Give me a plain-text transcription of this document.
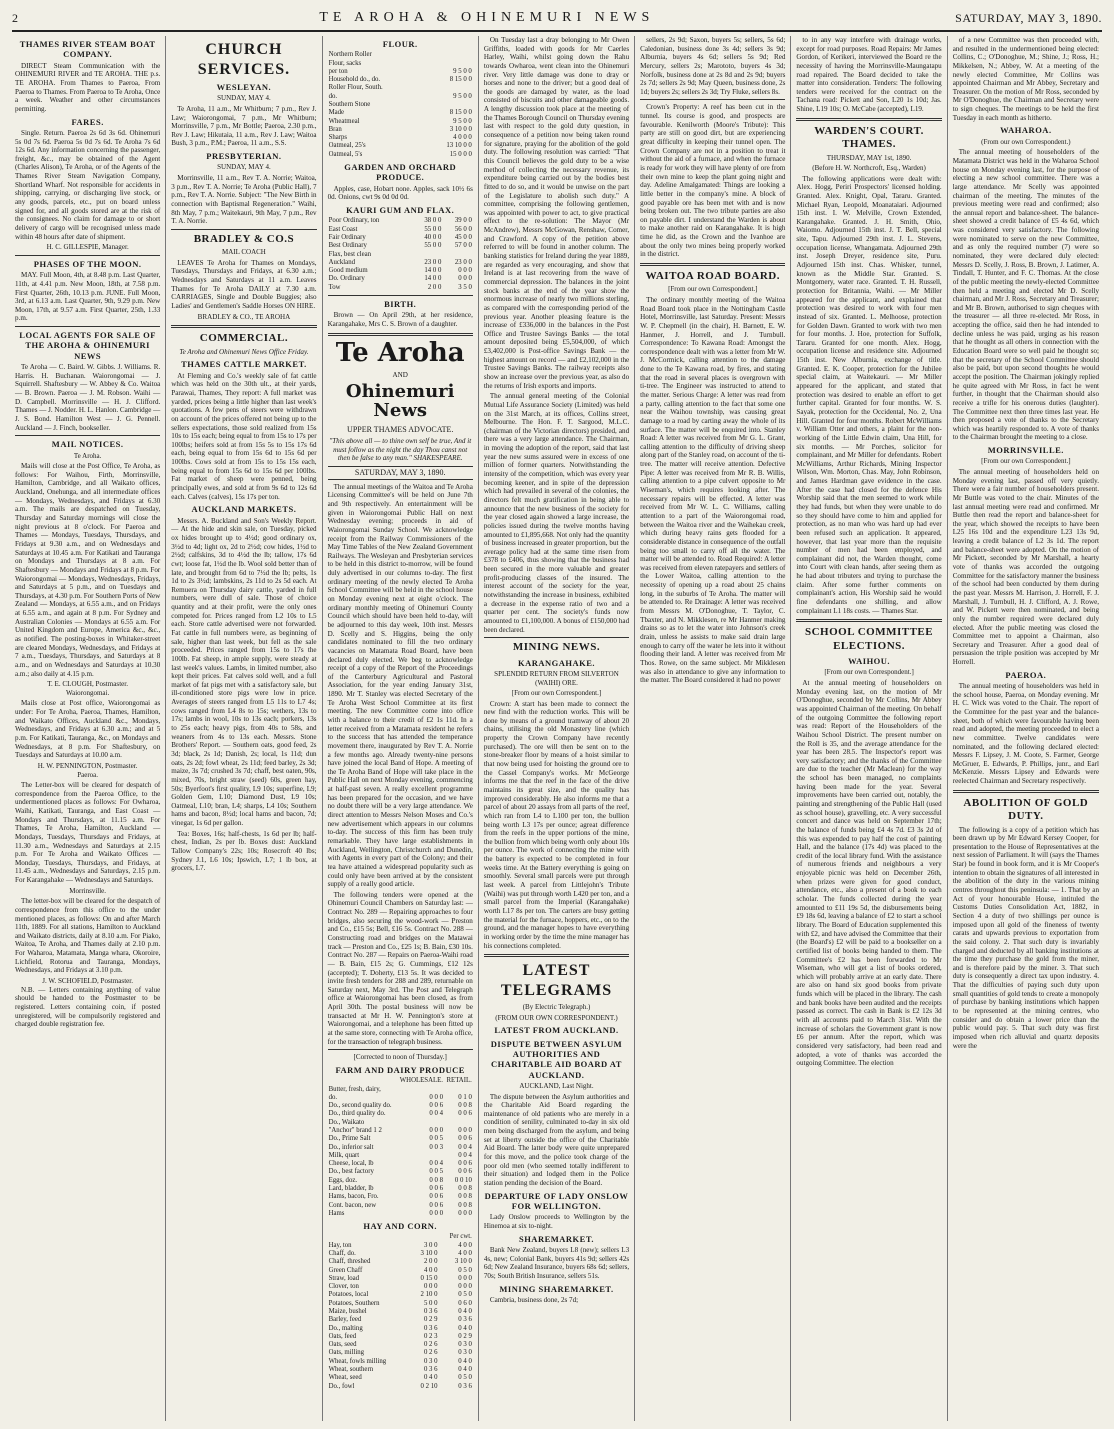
2	TE AROHA & OHINEMURI NEWS	SATURDAY, MAY 3, 1890.
THAMES RIVER STEAM BOAT COMPANY.

DIRECT Steam Communication with the OHINEMURI RIVER and TE AROHA. THE p.s. TE AROHA. From Thames to Paeroa, From Paeroa to Thames. From Paeroa to Te Aroha, Once a week. Weather and other circumstances permitting.

FARES.

Single. Return. Paeroa 2s 6d 3s 6d. Ohinemuri 5s 0d 7s 6d. Paeroa 5s 0d 7s 6d. Te Aroha 7s 6d 12s 6d. Any information concerning the passenger, freight, &c., may be obtained of the Agent (Charles Alison), Te Aroha, or of the Agents of the Thames River Steam Navigation Company, Shortland Wharf. Not responsible for accidents in shipping, carrying, or discharging live stock, or any goods, parcels, etc., put on board unless signed for, and all goods stored are at the risk of the consignees. No claim for damage to or short delivery of cargo will be recognised unless made within 48 hours after date of shipment.

H. C. GILLESPIE, Manager.
PHASES OF THE MOON.

MAY. Full Moon, 4th, at 8.48 p.m. Last Quarter, 11th, at 4.41 p.m. New Moon, 18th, at 7.58 p.m. First Quarter, 26th, 10.13 p.m. JUNE. Full Moon, 3rd, at 6.13 a.m. Last Quarter, 9th, 9.29 p.m. New Moon, 17th, at 9.57 a.m. First Quarter, 25th, 1.33 p.m.

LOCAL AGENTS FOR SALE OF THE AROHA & OHINEMURI NEWS

Te Aroha — C. Baird. W. Gibbs. J. Williams. R. Harris. H. Buchanan. Waiorongomai — J. Squirrell. Shaftesbury — W. Abbey & Co. Waitoa — B. Brown. Paeroa — J. M. Robson. Waihi — D. Campbell. Morrinsville — H. J. Clifford. Thames — J. Nodder. H. L. Hanlon. Cambridge — J. S. Bond. Hamilton West — J. G. Pennell. Auckland — J. Finch, bookseller.

MAIL NOTICES.
Te Aroha.

Mails will close at the Post Office, Te Aroha, as follows: For Waihou, Firth, Morrinsville, Hamilton, Cambridge, and all Waikato offices, Auckland, Onehunga, and all intermediate offices — Mondays, Wednesdays, and Fridays at 6.30 a.m. The mails are despatched on Tuesday, Thursday and Saturday mornings will close the night previous at 8 o'clock. For Paeroa and Thames — Mondays, Tuesdays, Thursdays, and Fridays at 9.30 a.m., and on Wednesdays and Saturdays at 10.45 a.m. For Katikati and Tauranga on Mondays and Thursdays at 8 a.m. For Shaftesbury — Mondays and Fridays at 8 p.m. For Waiorongomai — Mondays, Wednesdays, Fridays, and Saturdays at 5 p.m., and on Tuesdays and Thursdays, at 4.30 p.m. For Southern Ports of New Zealand — Mondays, at 6.55 a.m., and on Fridays at 6.55 a.m., and again at 8 p.m. For Sydney and Australian Colonies — Mondays at 6.55 a.m. For United Kingdom and Europe, America &c., &c., as notified. The posting-boxes in Whitaker-street are cleared Mondays, Wednesdays, and Fridays at 7 a.m., Tuesdays, Thursdays, and Saturdays at 8 a.m., and on Wednesdays and Saturdays at 10.30 a.m.; also daily at 4.15 p.m.

T. E. CLOUGH, Postmaster.
Waiorongomai.

Mails close at Post office, Waiorongomai as under: For Te Aroha, Paeroa, Thames, Hamilton, and Waikato Offices, Auckland &c., Mondays, Wednesdays, and Fridays at 6.30 a.m.; and at 5 p.m. For Katikati, Tauranga, &c., on Mondays and Wednesdays, at 8 p.m. For Shaftesbury, on Tuesdays and Saturdays at 10.00 a.m.

H. W. PENNINGTON, Postmaster.
Paeroa.

The Letter-box will be cleared for despatch of correspondence from the Paeroa Office, to the undermentioned places as follows: For Owharoa, Waihi, Katikati, Tauranga, and East Coast — Mondays and Thursdays, at 11.15 a.m. For Thames, Te Aroha, Hamilton, Auckland — Mondays, Tuesdays, Thursdays and Fridays, at 11.30 a.m., Wednesdays and Saturdays at 2.15 p.m. For Te Aroha and Waikato Offices — Monday, Tuesdays, Thursdays, and Fridays, at 11.45 a.m., Wednesdays and Saturdays, 2.15 p.m. For Karangahake — Wednesdays and Saturdays.

Morrinsville.

The letter-box will be cleared for the despatch of correspondence from this office to the under mentioned places, as follows: On and after March 11th, 1889. For all stations, Hamilton to Auckland and Waikato districts, daily at 8.10 a.m. For Piako, Waitoa, Te Aroha, and Thames daily at 2.10 p.m. For Waharoa, Matamata, Manga whara, Okoroire, Lichfield, Rotorua and Tauranga, Mondays, Wednesdays, and Fridays at 3.10 p.m.

J. W. SCHOFIELD, Postmaster.

N.B. — Letters containing anything of value should be handed to the Postmaster to be registered. Letters containing coin, if posted unregistered, will be compulsorily registered and charged double registration fee.

CHURCH SERVICES.
WESLEYAN.
SUNDAY, MAY 4.

Te Aroha, 11 a.m., Mr Whitburn; 7 p.m., Rev J. Law; Waiorongomai, 7 p.m., Mr Whitburn; Morrinsville, 7 p.m., Mr Bottle; Paeroa, 2.30 p.m., Rev J. Law; Hikutaia, 11 a.m., Rev J. Law; Waitoa Bush, 3 p.m., P.M.; Paeroa, 11 a.m., S.S.

PRESBYTERIAN.
SUNDAY, MAY 4.

Morrinsville, 11 a.m., Rev T. A. Norrie; Waitoa, 3 p.m., Rev T. A. Norrie; Te Aroha (Public Hall), 7 p.m., Rev T. A. Norrie. Subject: "The New Birth in connection with Baptismal Regeneration." Waihi, 8th May, 7 p.m.; Waitekauri, 9th May, 7 p.m., Rev T. A. Norrie.

BRADLEY & CO.S
MAIL COACH

LEAVES Te Aroha for Thames on Mondays, Tuesdays, Thursdays and Fridays, at 6.30 a.m.; Wednesdays and Saturdays at 11 a.m. Leaves Thames for Te Aroha DAILY at 7.30 a.m. CARRIAGES, Single and Double Buggies; also Ladies' and Gentlemen's Saddle Horses ON HIRE.

BRADLEY & CO., TE AROHA
COMMERCIAL.
Te Aroha and Ohinemuri News Office Friday.
THAMES CATTLE MARKET.

At Fleming and Co.'s weekly sale of fat cattle which was held on the 30th ult., at their yards, Parawai, Thames, They report: A full market was yarded, prices being a little higher than last week's quotations. A few pens of steers were withdrawn on account of the prices offered not being up to the sellers expectations, those sold realized from 15s 10s to 15s each; being equal to from 15s to 17s per 100lbs; heifers sold at from 15s 5s to 15s 17s 6d each, being equal to from 15s 6d to 15s 6d per 100lbs. Cows sold at from 15s to 15s 15s each, being equal to from 15s 6d to 15s 6d per 100lbs. Fat market of sheep were penned, being principally ewes, and sold at from 9s 6d to 12s 6d each. Calves (calves), 15s 17s per ton.

AUCKLAND MARKETS.

Messrs. A. Buckland and Son's Weekly Report. — At the hide and skin sale, on Tuesday, picked ox hides brought up to 4½d; good ordinary ox, 3½d to 4d; light ox, 2d to 2½d; cow hides, 1½d to 2½d; calfskins, 3d to 4½d the lb; tallow, 17s 6d cwt; loose fat, 1½d the lb. Wool sold better than of late, and brought from 6d to 7½d the lb; pelts, 1s 1d to 2s 3½d; lambskins, 2s 11d to 2s 5d each. At Remuera on Thursday dairy cattle, yarded in full numbers, were dull of sale. Those of choice quantity and at their profit, were the only ones competed for. Prices ranged from L2 10s to L5 each. Store cattle advertised were not forwarded. Fat cattle in full numbers were, as beginning of sale, higher than last week, but fell as the sale proceeded. Prices ranged from 15s to 17s the 100lb. Fat sheep, in ample supply, were steady at last week's values. Lambs, in limited number, also kept their prices. Fat calves sold well, and a full market of fat pigs met with a satisfactory sale, but ill-conditioned store pigs were low in price. Averages of steers ranged from L5 11s to L7 4s; cows ranged from L4 8s to 15s; wethers, 13s to 17s; lambs in wool, 10s to 13s each; porkers, 13s to 25s each; heavy pigs, from 40s to 58s, and weaners from 4s to 13s each. Messrs. Stone Brothers' Report. — Southern oats, good feed, 2s 3d; black, 2s 1d; Danish, 2s; local, 1s 11d; dun oats, 2s 2d; fowl wheat, 2s 11d; feed barley, 2s 3d; maize, 3s 7d; crushed 3s 7d; chaff, best oaten, 90s, mixed, 70s, bright straw (seed) 60s, green hay, 50s; Byerfoot's first quality, L9 10s; superfine, L9; Golden Gem, L10; Diamond Dust, L9 10s; Oatmeal, L10; bran, L4; sharps, L4 10s; Southern hams and bacon, 8½d; local hams and bacon, 7d; vinegar, 1s 6d per gallon.

Tea: Boxes, 16s; half-chests, 1s 6d per lb; half-chest, Indian, 2s per lb. Boxes dust: Auckland Tallow Company's 22s; 10s; Rosecroft 40 lbs; Sydney J.1, L6 10s; Ipswich, L7; 1 lb box, at grocers, L7.

FLOUR.
Northern Roller	
Flour, sacks	
per ton	9 5 0 0
Household do., do.	8 15 0 0
Roller Flour, South.	
do.	9 5 0 0
Southern Stone	
Made	8 15 0 0
Wheatmeal	9 5 0 0
Bran	3 10 0 0
Sharps	4 0 0 0
Oatmeal, 25's	13 10 0 0
Oatmeal, 5's	15 0 0 0
GARDEN AND ORCHARD PRODUCE.

Apples, case, Hobart none. Apples, sack 10½ 6s 0d. Onions, cwt 9s 0d 0d 0d.

KAURI GUM AND FLAX.
Poor Ordinary, ton	38 0 0	39 0 0
East Coast	55 0 0	56 0 0
Fair Ordinary	40 0 0	45 0 0
Best Ordinary	55 0 0	57 0 0
Flax, best clean		
Auckland	23 0 0	23 0 0
Good medium	14 0 0	0 0 0
Do. Ordinary	14 0 0	0 0 0
Tow	2 0 0	3 5 0
BIRTH.

Brown — On April 29th, at her residence, Karangahake, Mrs C. S. Brown of a daughter.

Te Aroha
AND
Ohinemuri News
UPPER THAMES ADVOCATE.
"This above all — to thine own self be true, And it must follow as the night the day Thou canst not then be false to any man." SHAKESPEARE.
SATURDAY, MAY 3, 1890.

The annual meetings of the Waitoa and Te Aroha Licensing Committee's will be held on June 7th and 9th respectively. An entertainment will be given in Waiorongomai Public Hall on next Wednesday evening; proceeds in aid of Waiorongomai Sunday School. We acknowledge receipt from the Railway Commissioners of the May Time Tables of the New Zealand Government Railways. The Wesleyan and Presbyterian services to be held in this district to-morrow, will be found duly advertised in our columns to-day. The first ordinary meeting of the newly elected Te Aroha School Committee will be held in the school house on Monday evening next at eight o'clock. The ordinary monthly meeting of Ohinemuri County Council which should have been held to-day, will be adjourned to this day week, 10th inst. Messrs D. Scelly and S. Higgins, being the only candidates nominated to fill the two ordinary vacancies on Matamata Road Board, have been declared duly elected. We beg to acknowledge receipt of a copy of the Report of the Proceedings of the Canterbury Agricultural and Pastoral Association, for the year ending January 31st, 1890. Mr T. Stanley was elected Secretary of the Te Aroha West School Committee at its first meeting. The new Committee come into office with a balance to their credit of £2 1s 11d. In a letter received from a Matamata resident he refers to the success that has attended the temperance movement there, inaugurated by Rev T. A. Norrie a few months ago. Already twenty-nine persons have joined the local Band of Hope. A meeting of the Te Aroha Band of Hope will take place in the Public Hall on next Monday evening, commencing at half-past seven. A really excellent programme has been prepared for the occasion, and we have no doubt there will be a very large attendance. We direct attention to Messrs Nelson Moses and Co.'s new advertisement which appears in our columns to-day. The success of this firm has been truly remarkable. They have large establishments in Auckland, Wellington, Christchurch and Dunedin, with Agents in every part of the Colony; and their tea have attained a widespread popularity such as could only have been arrived at by the consistent supply of a really good article.

The following tenders were opened at the Ohinemuri Council Chambers on Saturday last: — Contract No. 289 — Repairing approaches to four bridges, also securing the wood-work — Preston and Co., £15 5s; Bell, £16 5s. Contract No. 288 — Constructing road and bridges on the Matawai track — Preston and Co., £25 1s; B. Bain, £30 10s. Contract No. 287 — Repairs on Paeroa-Waihi road — B. Bain, £15 2s; G. Cummings, £12 12s (accepted); T. Doherty, £13 5s. It was decided to invite fresh tenders for 288 and 289, returnable on Saturday next, May 3rd. The Post and Telegraph office at Waiorongomai has been closed, as from April 30th. The postal business will now be transacted at Mr H. W. Pennington's store at Waiorongomai, and a telephone has been fitted up at the same store, connecting with Te Aroha office, for the transaction of telegraph business.

[Corrected to noon of Thursday.]
FARM AND DAIRY PRODUCE
	WHOLESALE.	RETAIL.
Butter, fresh, dairy,		
do.	0 0 0	0 1 0
Do., second quality do.	0 0 6	0 0 8
Do., third quality do.	0 0 4	0 0 6
Do., Waikato		
"Anchor" brand 1 2	0 0 0	0 0 0
Do., Prime Salt	0 0 5	0 0 6
Do., inferior salt	0 0 3	0 0 4
Milk, quart		0 0 4
Cheese, local, lb	0 0 4	0 0 6
Do., best factory	0 0 5	0 0 6
Eggs, doz.	0 0 8	0 0 10
Lard, bladder, lb	0 0 6	0 0 8
Hams, bacon, Fro.	0 0 6	0 0 8
Cont. bacon, new	0 0 6	0 0 8
Hams	0 0 0	0 0 0
HAY AND CORN.
		Per cwt.
Hay, ton	3 0 0	4 0 0
Chaff, do.	3 10 0	4 0 0
Chaff, threshed	2 0 0	3 10 0
Green Chaff	4 0 0	0 5 0
Straw, load	0 15 0	0 0 0
Clover, ton	0 0 0	0 0 0
Potatoes, local	2 10 0	0 5 0
Potatoes, Southern	5 0 0	0 6 0
Maize, bushel	0 3 6	0 4 0
Barley, feed	0 2 9	0 3 6
Do., malting	0 3 6	0 4 0
Oats, feed	0 2 3	0 2 9
Oats, seed	0 2 6	0 3 0
Oats, milling	0 2 6	0 3 0
Wheat, fowls milling	0 3 0	0 4 0
Wheat, southern	0 3 6	0 4 0
Wheat, seed	0 4 0	0 5 0
Do., fowl	0 2 10	0 3 6

On Tuesday last a dray belonging to Mr Owen Griffiths, loaded with goods for Mr Caerles Harley, Waihi, whilst going down the Rahu towards Owharoa, went clean into the Ohinemuri river. Very little damage was done to dray or horses and none to the driver; but a good deal of the goods are damaged by water, as the load consisted of biscuits and other damageable goods. A lengthy discussion took place at the meeting of the Thames Borough Council on Thursday evening last with respect to the gold duty question, in consequence of a petition now being taken round for signature, praying for the abolition of the gold duty. The following resolution was carried: "That this Council believes the gold duty to be a wise method of collecting the necessary revenue, its expenditure being carried out by the bodies best fitted to do so, and it would be unwise on the part of the Legislature to abolish such duty." A committee, comprising the following gentlemen, was appointed with power to act, to give practical effect to the re-solution: The Mayor (Mr McAndrew), Messrs McGowan, Renshaw, Comer, and Crawford. A copy of the petition above referred to will be found in another column. The banking statistics for Ireland during the year 1889, are regarded as very encouraging, and show that Ireland is at last recovering from the wave of commercial depression. The balances in the joint stock banks at the end of the year show the enormous increase of nearly two millions sterling, as compared with the corresponding period of the previous year. Another pleasing feature is the increase of £336,000 in the balances in the Post Office and Trustee Savings Banks — the total amount deposited being £5,504,000, of which £3,402,000 is Post-office Savings Bank — the highest amount on record — and £2,102,000 in the Trustee Savings Banks. The railway receipts also show an increase over the previous year, as also do the returns of Irish exports and imports.

The annual general meeting of the Colonial Mutual Life Assurance Society (Limited) was held on the 31st March, at its offices, Collins street, Melbourne. The Hon. F. T. Sargood, M.L.C. (chairman of the Victorian directors) presided, and there was a very large attendance. The Chairman, in moving the adoption of the report, said that last year the new sums assured were in excess of one million of former quarters. Notwithstanding the intensity of the competition, which was every year becoming keener, and in spite of the depression which had prevailed in several of the colonies, the directors felt much gratification in being able to announce that the new business of the society for the year closed again showed a large increase, the policies issued during the twelve months having amounted to £1,895,668. Not only had the quantity of business increased in greater proportion, but the average policy had at the same time risen from £378 to £406, thus showing that the business had been secured in the more valuable and greater profit-producing classes of the insured. The interest account of the society for the year, notwithstanding the increase in business, exhibited a decrease in the expense ratio of two and a quarter per cent. The society's funds now amounted to £1,100,000. A bonus of £150,000 had been declared.

MINING NEWS.
KARANGAHAKE.
SPLENDID RETURN FROM SILVERTON (WAIHI) ORE.
[From our own Correspondent.]

Crown: A start has been made to connect the new find with the reduction works. This will be done by means of a ground tramway of about 20 chains, utilising the old Monastery line (which property the Crown Company have recently purchased). The ore will then be sent on to the stone-breaker floor by means of a hoist similar to that now being used for hoisting the ground ore to the Cassel Company's works. Mr McGeorge informs me that the reef in the face of the drive maintains its great size, and the quality has improved considerably. He also informs me that a parcel of about 20 assays from all parts of the reef, which ran from L4 to L100 per ton, the bullion being worth L3 17s per ounce; agreat difference from the reefs in the upper portions of the mine, the bullion from which being worth only about 10s per ounce. The work of connecting the mine with the battery is expected to be completed in four weeks time. At the Battery everything is going on smoothly. Several small parcels were put through last week. A parcel from Littlejohn's Tribute (Waihi) was put through worth L420 per ton, and a small parcel from the Imperial (Karangahake) worth L17 8s per ton. The carters are busy getting the material for the furnace, hoppers, etc., on to the ground, and the manager hopes to have everything in working order by the time the mine manager has his connections completed.

LATEST TELEGRAMS
(By Electric Telegraph.)
(FROM OUR OWN CORRESPONDENT.)
LATEST FROM AUCKLAND.
DISPUTE BETWEEN ASYLUM AUTHORITIES AND CHARITABLE AID BOARD AT AUCKLAND.
AUCKLAND, Last Night.

The dispute between the Asylum authorities and the Charitable Aid Board regarding the maintenance of old patients who are merely in a condition of senility, culminated to-day in six old men being discharged from the asylum, and being set at liberty outside the office of the Charitable Aid Board. The latter body were quite unprepared for this move, and the police took charge of the poor old men (who seemed totally indifferent to their situation) and lodged them in the Police station pending the decision of the Board.

DEPARTURE OF LADY ONSLOW FOR WELLINGTON.

Lady Onslow proceeds to Wellington by the Hinemoa at six to-night.

SHAREMARKET.

Bank New Zealand, buyers L8 (new); sellers L3 4s, new; Colonial Bank, buyers 41s 9d; sellers 42s 6d; New Zealand Insurance, buyers 68s 6d; sellers, 70s; South British Insurance, sellers 51s.

MINING SHAREMARKET.

Cambria, business done, 2s 7d;

sellers, 2s 9d; Saxon, buyers 5s; sellers, 5s 6d; Caledonian, business done 3s 4d; sellers 3s 9d; Alburnia, buyers 4s 6d; sellers 5s 9d; Red Mercury, sellers 2s; Marototo, buyers 4s 3d; Norfolk, business done at 2s 8d and 2s 9d; buyers 2s 7d; sellers 2s 9d; May Queen, business done, 2s 1d; buyers 2s; sellers 2s 3d; Try Fluke, sellers 8s.

Crown's Property: A reef has been cut in the tunnel. Its course is good, and prospects are favourable. Kenilworth (Moore's Tribute): This party are still on good dirt, but are experiencing great difficulty in keeping their tunnel open. The Crown Company are not in a position to treat it without the aid of a furnace, and when the furnace is ready for work they will have plenty of ore from their own mine to keep the plant going night and day. Adeline Amalgamated: Things are looking a little better in the company's mine. A block of good payable ore has been met with and is now being broken out. The two tribute parties are also on payable dirt. I understand the Warden is about to make another raid on Karangahake. It is high time he did, as the Crown and the Ivanhoe are about the only two mines being properly worked in the district.

WAITOA ROAD BOARD.
[From our own Correspondent.]

The ordinary monthly meeting of the Waitoa Road Board took place in the Nottingham Castle Hotel, Morrinsville, last Saturday. Present: Messrs W. P. Chepmell (in the chair), H. Barnett, E. W. Hanmer, J. Horrell, and J. Turnbull. Correspondence: To Kawana Road: Amongst the correspondence dealt with was a letter from Mr W. J. McCormick, calling attention to the damage done to the Te Kawana road, by fires, and stating that the road in several places is overgrown with ti-tree. The Engineer was instructed to attend to the matter. Serious Charge: A letter was read from a party, calling attention to the fact that some one near the Waihou township, was causing great damage to a road by carting away the whole of its surface. The matter will be enquired into. Stanley Road: A letter was received from Mr G. L. Grant, calling attention to the difficulty of driving sheep along part of the Stanley road, on account of the ti-tree. The matter will receive attention. Defective Pipe: A letter was received from Mr R. B. Willis, calling attention to a pipe culvert opposite to Mr Wiseman's, which requires looking after. The necessary repairs will be effected. A letter was received from Mr W. L. C. Williams, calling attention to a part of the Waiorongomai road, between the Waitoa river and the Waihekau creek, which during heavy rains gets flooded for a considerable distance in consequence of the outfall being too small to carry off all the water. The matter will be attended to. Road Required: A letter was received from eleven ratepayers and settlers of the Lower Waitoa, calling attention to the necessity of opening up a road about 25 chains long, in the suburbs of Te Aroha. The matter will be attended to. Re Drainage: A letter was received from Messrs M. O'Donoghue, T. Taylor, C. Tbaxter, and N. Mikklesen, re Mr Hanmer making drains so as to let the water into Johnson's creek drain, unless he assists to make said drain large enough to carry off the water he lets into it without flooding their land. A letter was received from Mr Thos. Rowe, on the same subject. Mr Mikklesen was also in attendance to give any information to the matter. The Board considered it had no power

to in any way interfere with drainage works, except for road purposes. Road Repairs: Mr James Gordon, of Kerikeri, interviewed the Board re the necessity of having the Morrinsville-Maungatapu road repaired. The Board decided to take the matter into consideration. Tenders: The following tenders were received for the contract on the Tachana road: Pickett and Son, L20 1s 10d; Jas. Shine, L19 10s; O. McCabe (accepted), L19.

WARDEN'S COURT. THAMES.
THURSDAY, MAY 1st, 1890.
(Before H. W. Northcroft, Esq., Warden)

The following applications were dealt with: Alex. Hogg, Periri Prospectors' licensed holding. Granted. Alex. Knight, Opal, Tararu. Granted. Michael Ryan, Leopold, Moanataiari. Adjourned 15th inst. I. W. Melville, Crown Extended, Karangahake. Granted. J. H. Smith, Ohio, Waiomo. Adjourned 15th inst. J. T. Bell, special site, Tapu. Adjourned 29th inst. J. L. Stevens, occupation license, Whangamata. Adjourned 29th inst. Joseph Dreyer, residence site, Puru. Adjourned 15th inst. Chas. Whisker, tunnel, known as the Middle Star. Granted. S. Montgomery, water race. Granted. T. H. Russell, protection for Britannia, Waihi. — Mr Miller appeared for the applicant, and explained that protection was desired to work with four men instead of six. Granted. L. Melhoose, protection for Golden Dawn. Granted to work with two men for four months. J. Hoe, protection for Suffolk, Tararu. Granted for one month. Alex. Hogg, occupation license and residence site. Adjourned 15th inst. New Alburnia, exchange of title. Granted. E. K. Cooper, protection for the Jubilee special claim, at Waitekauri. — Mr Miller appeared for the applicant, and stated that protection was desired to enable an effort to get further capital. Granted for four months. W. S. Sayak, protection for the Occidental, No. 2, Una Hill. Granted for four months. Robert McWilliams v. William Otter and others, a plaint for the non-working of the Little Edwin claim, Una Hill, for six months. — Mr Porches, solicitor for complainant, and Mr Miller for defendants. Robert McWilliams, Arthur Richards, Mining Inspector Wilson, Wm. Morton, Chas. May, John Robinson, and James Hardman gave evidence in the case. After the case had closed for the defence His Worship said that the men seemed to work while they had funds, but when they were unable to do so they should have come to him and applied for protection, as no man who was hard up had ever been refused such an application. It appeared, however, that last year more than the requisite number of men had been employed, and complainant did not, the Warden thought, come into Court with clean hands, after seeing them as he had about tributers and trying to purchase the claim. After some further comments on complainant's action, His Worship said he would fine defendants one shilling, and allow complainant L1 18s costs. — Thames Star.

SCHOOL COMMITTEE ELECTIONS.
WAIHOU.
[From our own Correspondent.]

At the annual meeting of householders on Monday evening last, on the motion of Mr O'Donoghue, seconded by Mr Collins, Mr Abbey was appointed Chairman of the meeting. On behalf of the outgoing Committee the following report was read: Report of the Householders of the Waihou School District. The present number on the Roll is 35, and the average attendance for the year has been 28.5. The Inspector's report was very satisfactory; and the thanks of the Committee are due to the teacher (Mr Maclean) for the way the school has been managed, no complaints having been made for the year. Several improvements have been carried out, notably, the painting and strengthening of the Public Hall (used as school house), gravelling, etc. A very successful concert and dance was held on September 17th; the balance of funds being £4 4s 7d. £3 3s 2d of this was expended to pay half the cost of painting Hall, and the balance (17s 4d) was placed to the credit of the local library fund. With the assistance of numerous friends and neighbours a very enjoyable picnic was held on December 26th, when prizes were given for good conduct, attendance, etc., also a present of a book to each scholar. The funds collected during the year amounted to £11 19s 5d, the disbursements being £9 18s 6d, leaving a balance of £2 to start a school library. The Board of Education supplemented this with £2, and have advised the Committee that their (the Board's) £2 will be paid to a bookseller on a certified list of books being handed to them. The Committee's £2 has been forwarded to Mr Wiseman, who will get a list of books ordered, which will probably arrive at an early date. There are also on hand six good books from private funds which will be placed in the library. The cash and bank books have been audited and the receipts passed as correct. The cash in Bank is £2 12s 3d with all accounts paid to March 31st. With the increase of scholars the Government grant is now £6 per annum. After the report, which was considered very satisfactory, had been read and adopted, a vote of thanks was accorded the outgoing Committee. The election

of a new Committee was then proceeded with, and resulted in the undermentioned being elected: Collins, C.; O'Donoghue, M.; Shine, J.; Ross, H.; Mikkelsen, N.; Abbey, W. At a meeting of the newly elected Committee, Mr Collins was appointed Chairman and Mr Abbey, Secretary and Treasurer. On the motion of Mr Ross, seconded by Mr O'Donoghue, the Chairman and Secretary were to sign cheques. The meetings to be held the first Tuesday in each month as hitherto.

WAHAROA.
(From our own Correspondent.)

The annual meeting of householders of the Matamata District was held in the Waharoa School house on Monday evening last, for the purpose of electing a new school committee. There was a large attendance. Mr Scelly was appointed chairman of the meeting. The minutes of the previous meeting were read and confirmed; also the annual report and balance-sheet. The balance-sheet showed a credit balance of £5 4s 6d, which was considered very satisfactory. The following were nominated to serve on the new Committee, and as only the required number (7) were so nominated, they were declared duly elected: Messrs D. Scelly, J. Ross, B. Brown, J. Latimer, A. Tindall, T. Hunter, and F. C. Thomas. At the close of the public meeting the newly-elected Committee then held a meeting and elected Mr D. Scelly chairman, and Mr J. Ross, Secretary and Treasurer; and Mr B. Brown, authorised to sign cheques with the treasurer — all three re-elected. Mr Ross, in accepting the office, said then he had intended to decline unless he was paid, urging as his reason that he thought as all others in connection with the Education Board were so well paid he thought so; that the secretary of the School Committee should also be paid, but upon second thoughts he would accept the position. The Chairman jokingly replied he quite agreed with Mr Ross, in fact he went further, in thought that the Chairman should also receive a trifle for his onerous duties (laughter). The Committee next then three times last year. He then proposed a vote of thanks to the Secretary which was heartily responded to. A vote of thanks to the Chairman brought the meeting to a close.

MORRINSVILLE.
[From our own Correspondent.]

The annual meeting of householders held on Monday evening last, passed off very quietly. There were a fair number of householders present. Mr Buttle was voted to the chair. Minutes of the last annual meeting were read and confirmed. Mr Buttle then read the report and balance-sheet for the year, which showed the receipts to have been L25 16s 10d and the expenditure L23 13s 9d, leaving a credit balance of L2 3s 1d. The report and balance-sheet were adopted. On the motion of Mr Pickett, seconded by Mr Marshall, a hearty vote of thanks was accorded the outgoing Committee for the satisfactory manner the business of the school had been conducted by them during the past year. Messrs M. Harrison, J. Horrell, F. J. Marshall, J. Turnbull, H. J. Clifford, A. J. Rowe, and W. Pickett were then nominated, and being only the number required were declared duly elected. After the public meeting was closed the Committee met to appoint a Chairman, also Secretary and Treasurer. After a good deal of persuasion the triple position was accepted by Mr Horrell.

PAEROA.

The annual meeting of householders was held in the school house, Paeroa, on Monday evening. Mr H. C. Wick was voted to the Chair. The report of the Committee for the past year and the balance-sheet, both of which were favourable having been read and adopted, the meeting proceeded to elect a new committee. Twelve candidates were nominated, and the following declared elected: Messrs F. Lipsey, J. M. Coote, S. Farmer, George McGruer, E. Edwards, P. Phillips, junr., and Earl McKenzie. Messrs Lipsey and Edwards were reelected Chairman and Secretary respectively.

ABOLITION OF GOLD DUTY.

The following is a copy of a petition which has been drawn up by Mr Edward Kersey Cooper, for presentation to the House of Representatives at the next session of Parliament. It will (says the Thames Star) be found in book form, and it is Mr Cooper's intention to obtain the signatures of all interested in the abolition of the duty in the various mining centres throughout this peninsula: — 1. That by an Act of your honourable House, intituled the Customs Duties Consolidation Act, 1882, in Section 4 a duty of two shillings per ounce is imposed upon all gold of the fineness of twenty carats and upwards previous to exportation from the said colony. 2. That such duty is invariably charged and deducted by all banking institutions at the time they purchase the gold from the miner, and is therefore paid by the miner. 3. That such duty is consequently a direct tax upon industry. 4. That the difficulties of paying such duty upon small quantities of gold tends to create a monopoly of purchase by banking institutions which happen to be represented at the mining centres, who consider and do obtain a lower price than the public would pay. 5. That such duty was first imposed when rich alluvial and quartz deposits were the
